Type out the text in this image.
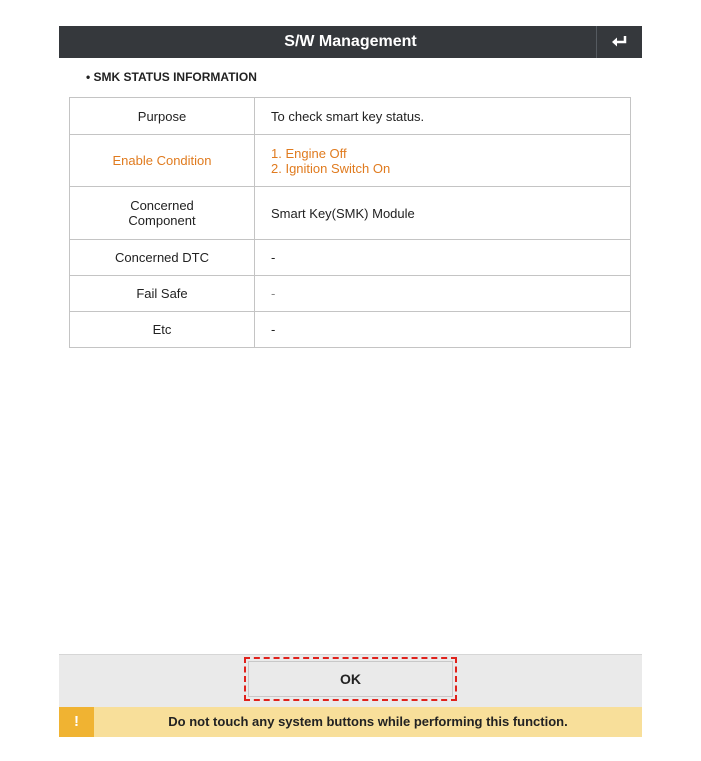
S/W Management
• SMK STATUS INFORMATION
Purpose	To check smart key status.
Enable Condition	1. Engine Off
2. Ignition Switch On

Concerned
Component	Smart Key(SMK) Module
Concerned DTC	-
Fail Safe	-
Etc	-
OK
!	Do not touch any system buttons while performing this function.
